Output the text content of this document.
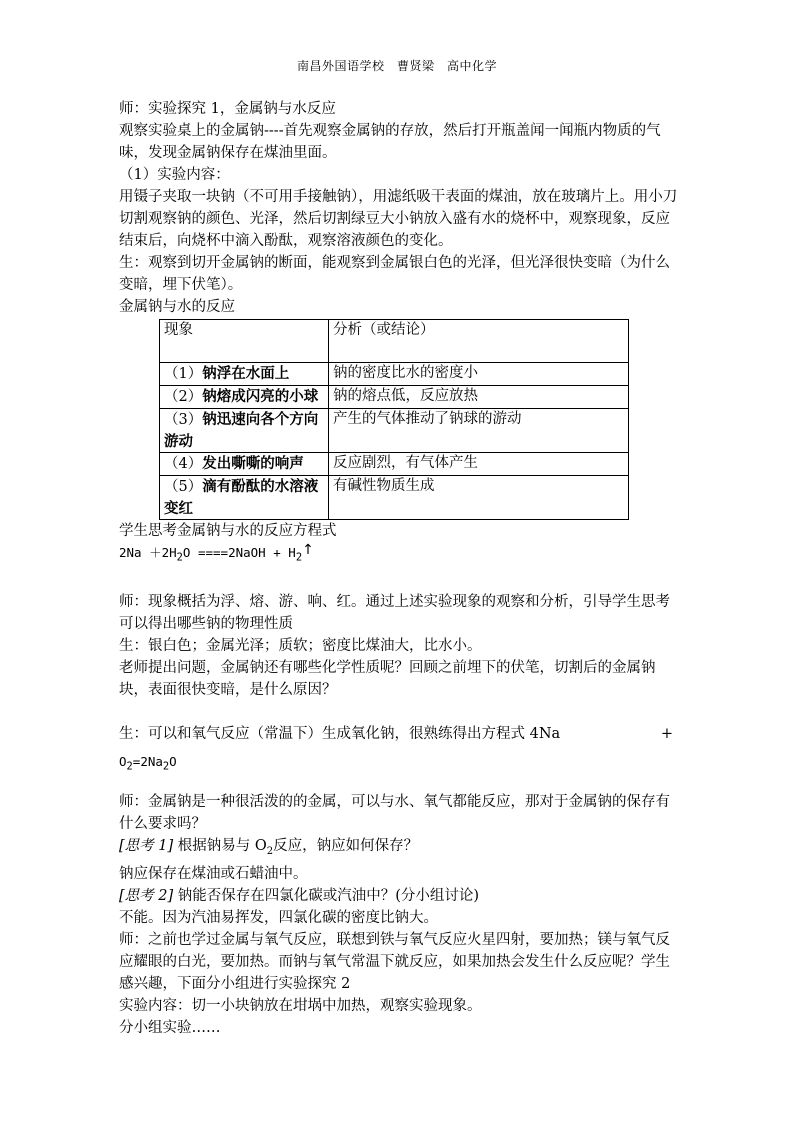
南昌外国语学校　曹贤梁　高中化学

师：实验探究 1，金属钠与水反应

观察实验桌上的金属钠----首先观察金属钠的存放，然后打开瓶盖闻一闻瓶内物质的气味，发现金属钠保存在煤油里面。

（1）实验内容：

用镊子夹取一块钠（不可用手接触钠），用滤纸吸干表面的煤油，放在玻璃片上。用小刀切割观察钠的颜色、光泽，然后切割绿豆大小钠放入盛有水的烧杯中，观察现象，反应结束后，向烧杯中滴入酚酞，观察溶液颜色的变化。

生：观察到切开金属钠的断面，能观察到金属银白色的光泽，但光泽很快变暗（为什么变暗，埋下伏笔）。

金属钠与水的反应

现象	分析（或结论）
（1）钠浮在水面上	钠的密度比水的密度小
（2）钠熔成闪亮的小球	钠的熔点低，反应放热
（3）钠迅速向各个方向游动	产生的气体推动了钠球的游动
（4）发出嘶嘶的响声	反应剧烈，有气体产生
（5）滴有酚酞的水溶液变红	有碱性物质生成

学生思考金属钠与水的反应方程式

$2Na +2H_2O$ ====2NaOH + $H_2↑$

师：现象概括为浮、熔、游、响、红。通过上述实验现象的观察和分析，引导学生思考可以得出哪些钠的物理性质

生：银白色；金属光泽；质软；密度比煤油大，比水小。

老师提出问题，金属钠还有哪些化学性质呢？回顾之前埋下的伏笔，切割后的金属钠块，表面很快变暗，是什么原因？

生：可以和氧气反应（常温下）生成氧化钠，很熟练得出方程式 4Na	+

$O_2=2Na_2O$

师：金属钠是一种很活泼的的金属，可以与水、氧气都能反应，那对于金属钠的保存有什么要求吗？

[思考 1] 根据钠易与 $O_2$反应，钠应如何保存？

钠应保存在煤油或石蜡油中。

[思考 2] 钠能否保存在四氯化碳或汽油中？(分小组讨论)

不能。因为汽油易挥发，四氯化碳的密度比钠大。

师：之前也学过金属与氧气反应，联想到铁与氧气反应火星四射，要加热；镁与氧气反应耀眼的白光，要加热。而钠与氧气常温下就反应，如果加热会发生什么反应呢？学生感兴趣，下面分小组进行实验探究 2

实验内容：切一小块钠放在坩埚中加热，观察实验现象。

分小组实验……
